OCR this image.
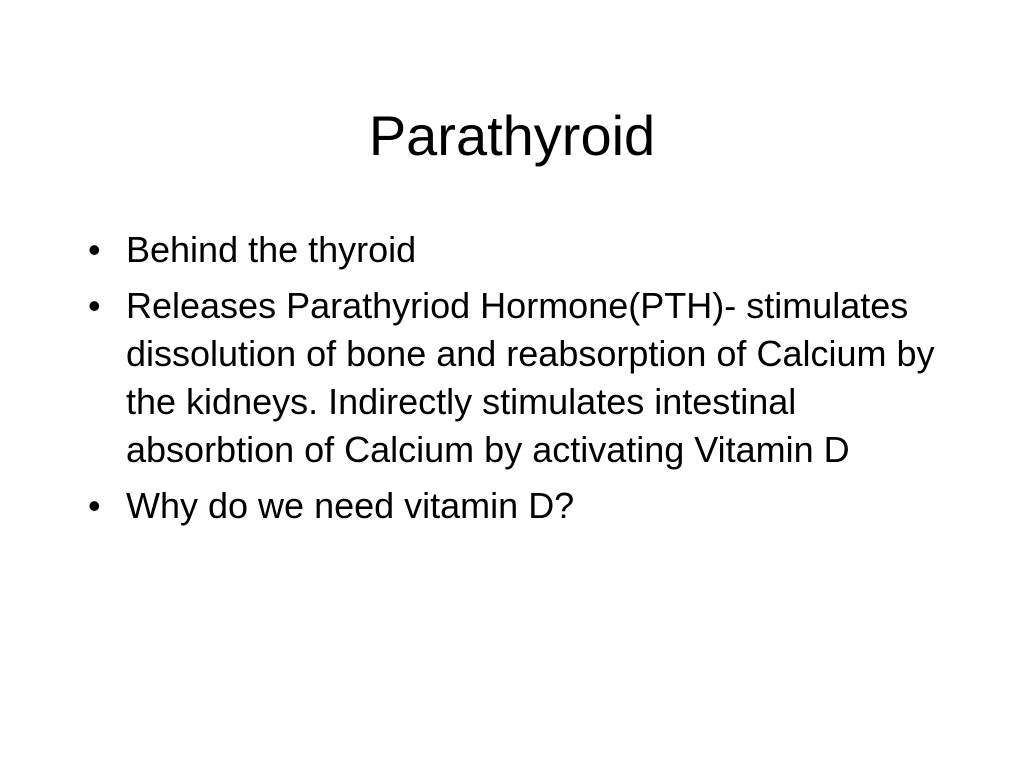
Parathyroid
• Behind the thyroid
• Releases Parathyriod Hormone(PTH)- stimulates dissolution of bone and reabsorption of Calcium by the kidneys. Indirectly stimulates intestinal absorbtion of Calcium by activating Vitamin D
• Why do we need vitamin D?
